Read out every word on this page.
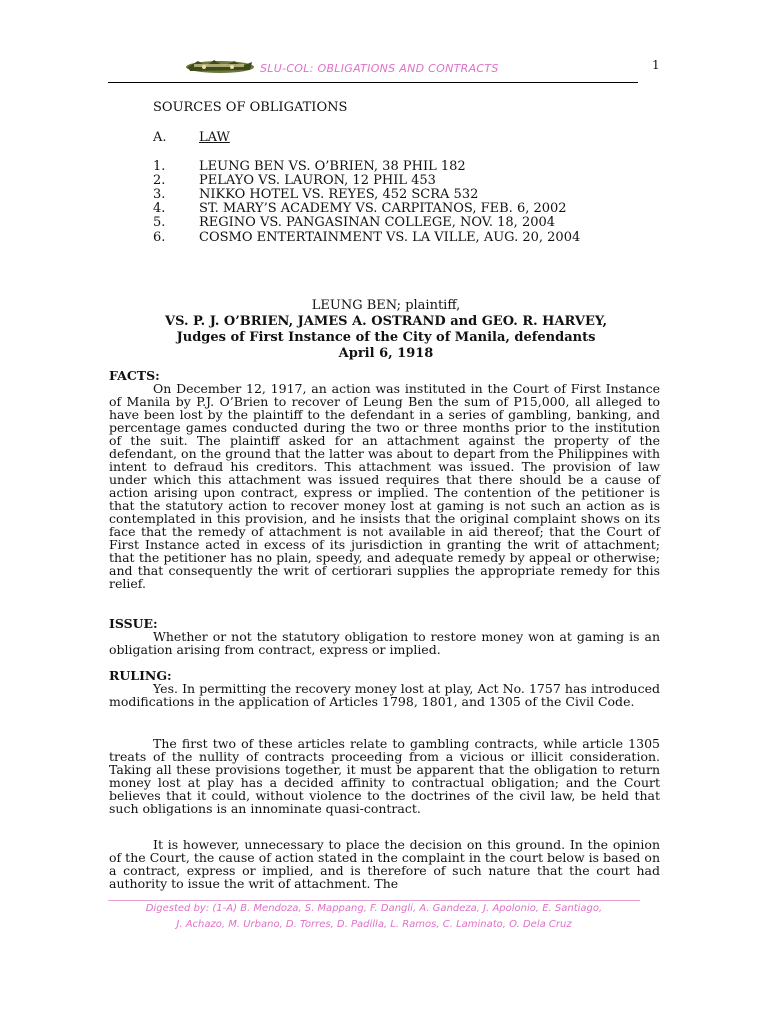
SLU-COL: OBLIGATIONS AND CONTRACTS	1
SOURCES OF OBLIGATIONS
A. LAW
1.	LEUNG BEN VS. O’BRIEN, 38 PHIL 182
2.	PELAYO VS. LAURON, 12 PHIL 453
3.	NIKKO HOTEL VS. REYES, 452 SCRA 532
4.	ST. MARY’S ACADEMY VS. CARPITANOS, FEB. 6, 2002
5.	REGINO VS. PANGASINAN COLLEGE, NOV. 18, 2004
6.	COSMO ENTERTAINMENT VS. LA VILLE, AUG. 20, 2004
LEUNG BEN; plaintiff,
VS. P. J. O’BRIEN, JAMES A. OSTRAND and GEO. R. HARVEY,
Judges of First Instance of the City of Manila, defendants
April 6, 1918
FACTS:
On December 12, 1917, an action was instituted in the Court of First Instance of Manila by P.J. O’Brien to recover of Leung Ben the sum of P15,000, all alleged to have been lost by the plaintiff to the defendant in a series of gambling, banking, and percentage games conducted during the two or three months prior to the institution of the suit. The plaintiff asked for an attachment against the property of the defendant, on the ground that the latter was about to depart from the Philippines with intent to defraud his creditors. This attachment was issued. The provision of law under which this attachment was issued requires that there should be a cause of action arising upon contract, express or implied. The contention of the petitioner is that the statutory action to recover money lost at gaming is not such an action as is contemplated in this provision, and he insists that the original complaint shows on its face that the remedy of attachment is not available in aid thereof; that the Court of First Instance acted in excess of its jurisdiction in granting the writ of attachment; that the petitioner has no plain, speedy, and adequate remedy by appeal or otherwise; and that consequently the writ of certiorari supplies the appropriate remedy for this relief.
ISSUE:
Whether or not the statutory obligation to restore money won at gaming is an obligation arising from contract, express or implied.
RULING:
Yes. In permitting the recovery money lost at play, Act No. 1757 has introduced modifications in the application of Articles 1798, 1801, and 1305 of the Civil Code.
The first two of these articles relate to gambling contracts, while article 1305 treats of the nullity of contracts proceeding from a vicious or illicit consideration. Taking all these provisions together, it must be apparent that the obligation to return money lost at play has a decided affinity to contractual obligation; and the Court believes that it could, without violence to the doctrines of the civil law, be held that such obligations is an innominate quasi-contract.
It is however, unnecessary to place the decision on this ground. In the opinion of the Court, the cause of action stated in the complaint in the court below is based on a contract, express or implied, and is therefore of such nature that the court had authority to issue the writ of attachment. The
Digested by: (1-A) B. Mendoza, S. Mappang, F. Dangli, A. Gandeza, J. Apolonio, E. Santiago,
J. Achazo, M. Urbano, D. Torres, D. Padilla, L. Ramos, C. Laminato, O. Dela Cruz
